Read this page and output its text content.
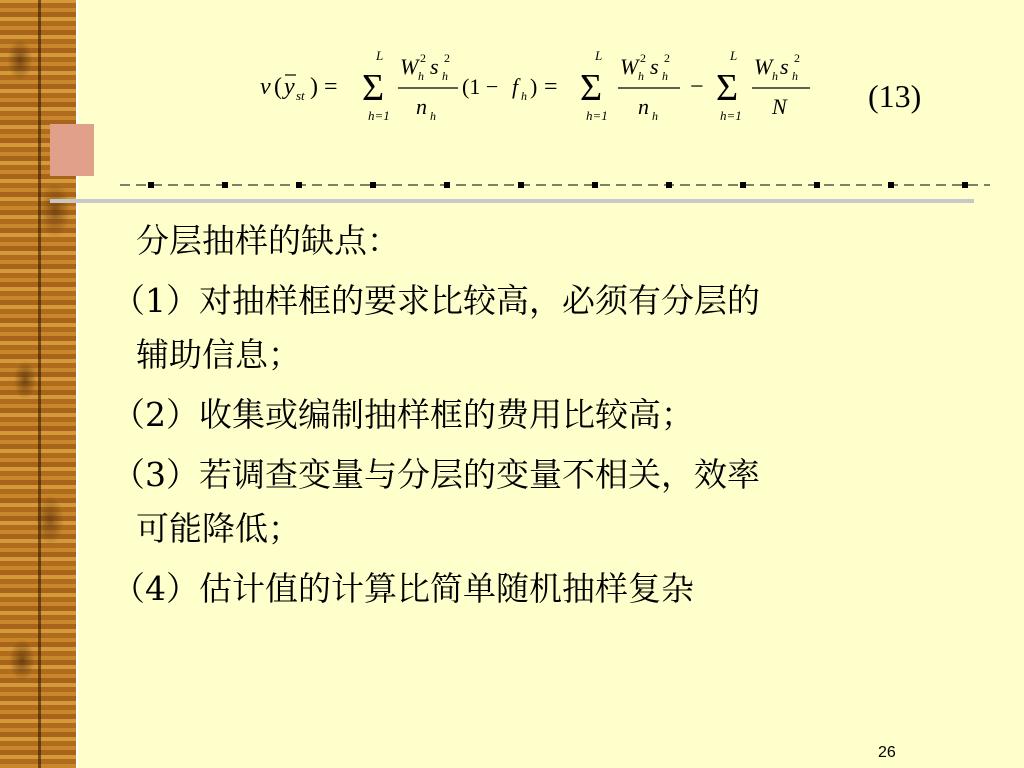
v ( y st ) =
L
Σ
h=1
W h
2 s h
2
n h
(1 − f h ) =
L
Σ
h=1
W h
2 s h
2
n h
−
L
Σ
h=1
W h s h
2
N	(13)
分层抽样的缺点：
（1）对抽样框的要求比较高，必须有分层的
辅助信息；
（2）收集或编制抽样框的费用比较高；
（3）若调查变量与分层的变量不相关，效率
可能降低；
（4）估计值的计算比简单随机抽样复杂
26
